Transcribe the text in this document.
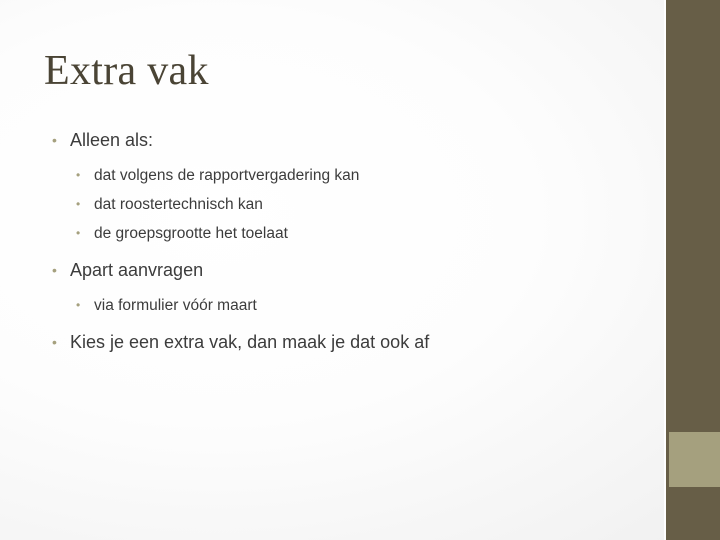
Extra vak
• Alleen als:
• dat volgens de rapportvergadering kan
• dat roostertechnisch kan
• de groepsgrootte het toelaat
• Apart aanvragen
• via formulier vóór maart
• Kies je een extra vak, dan maak je dat ook af
